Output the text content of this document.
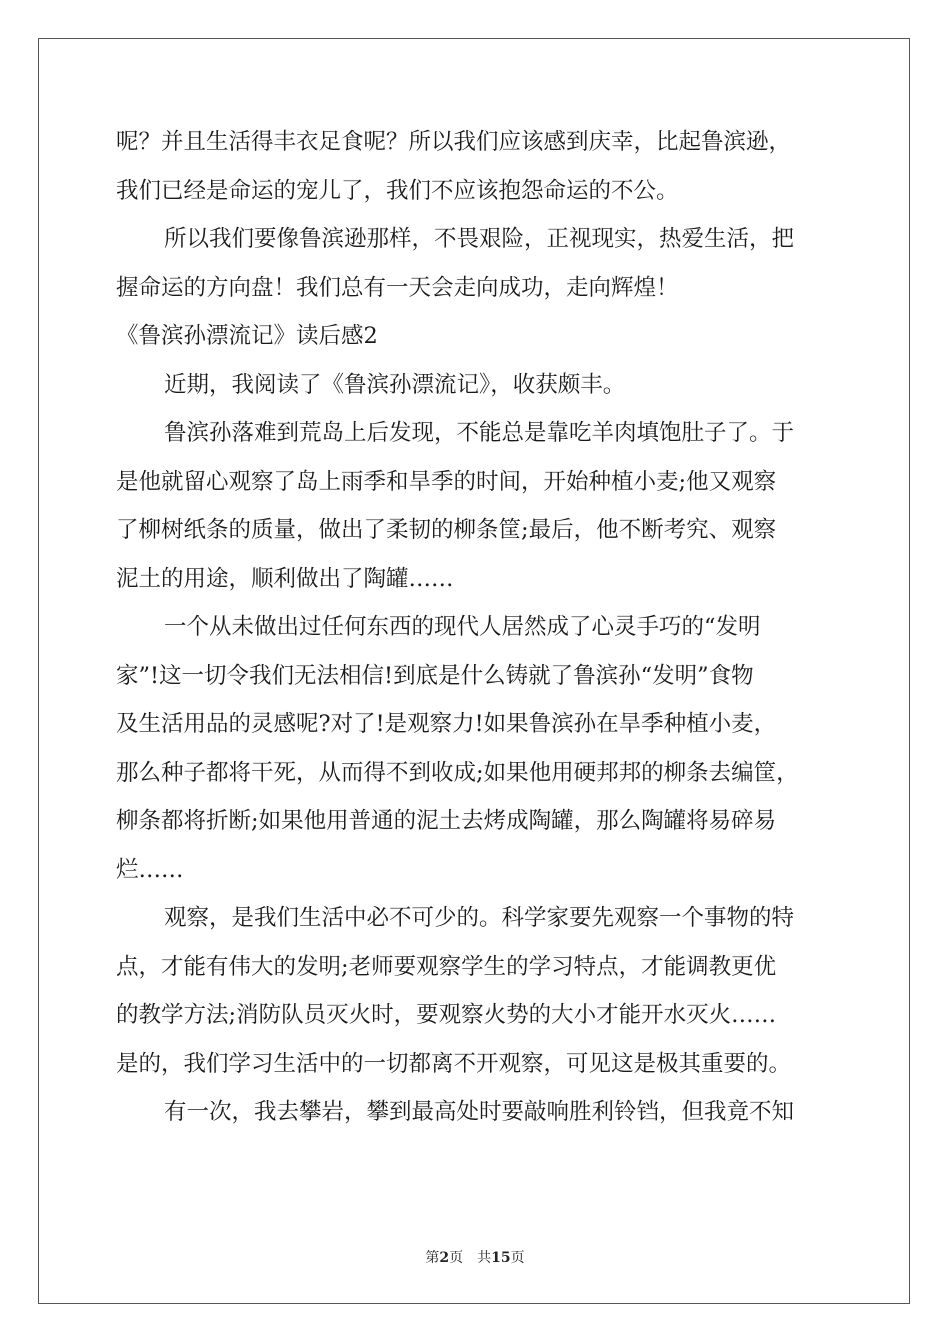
呢？并且生活得丰衣足食呢？所以我们应该感到庆幸，比起鲁滨逊，
我们已经是命运的宠儿了，我们不应该抱怨命运的不公。
所以我们要像鲁滨逊那样，不畏艰险，正视现实，热爱生活，把
握命运的方向盘！我们总有一天会走向成功，走向辉煌！
《鲁滨孙漂流记》读后感2
近期，我阅读了《鲁滨孙漂流记》，收获颇丰。
鲁滨孙落难到荒岛上后发现，不能总是靠吃羊肉填饱肚子了。于
是他就留心观察了岛上雨季和旱季的时间，开始种植小麦;他又观察
了柳树纸条的质量，做出了柔韧的柳条筐;最后，他不断考究、观察
泥土的用途，顺利做出了陶罐……
一个从未做出过任何东西的现代人居然成了心灵手巧的“发明
家”!这一切令我们无法相信!到底是什么铸就了鲁滨孙“发明”食物
及生活用品的灵感呢?对了!是观察力!如果鲁滨孙在旱季种植小麦，
那么种子都将干死，从而得不到收成;如果他用硬邦邦的柳条去编筐，
柳条都将折断;如果他用普通的泥土去烤成陶罐，那么陶罐将易碎易
烂……
观察，是我们生活中必不可少的。科学家要先观察一个事物的特
点，才能有伟大的发明;老师要观察学生的学习特点，才能调教更优
的教学方法;消防队员灭火时，要观察火势的大小才能开水灭火……
是的，我们学习生活中的一切都离不开观察，可见这是极其重要的。
有一次，我去攀岩，攀到最高处时要敲响胜利铃铛，但我竟不知
第2页 共15页
